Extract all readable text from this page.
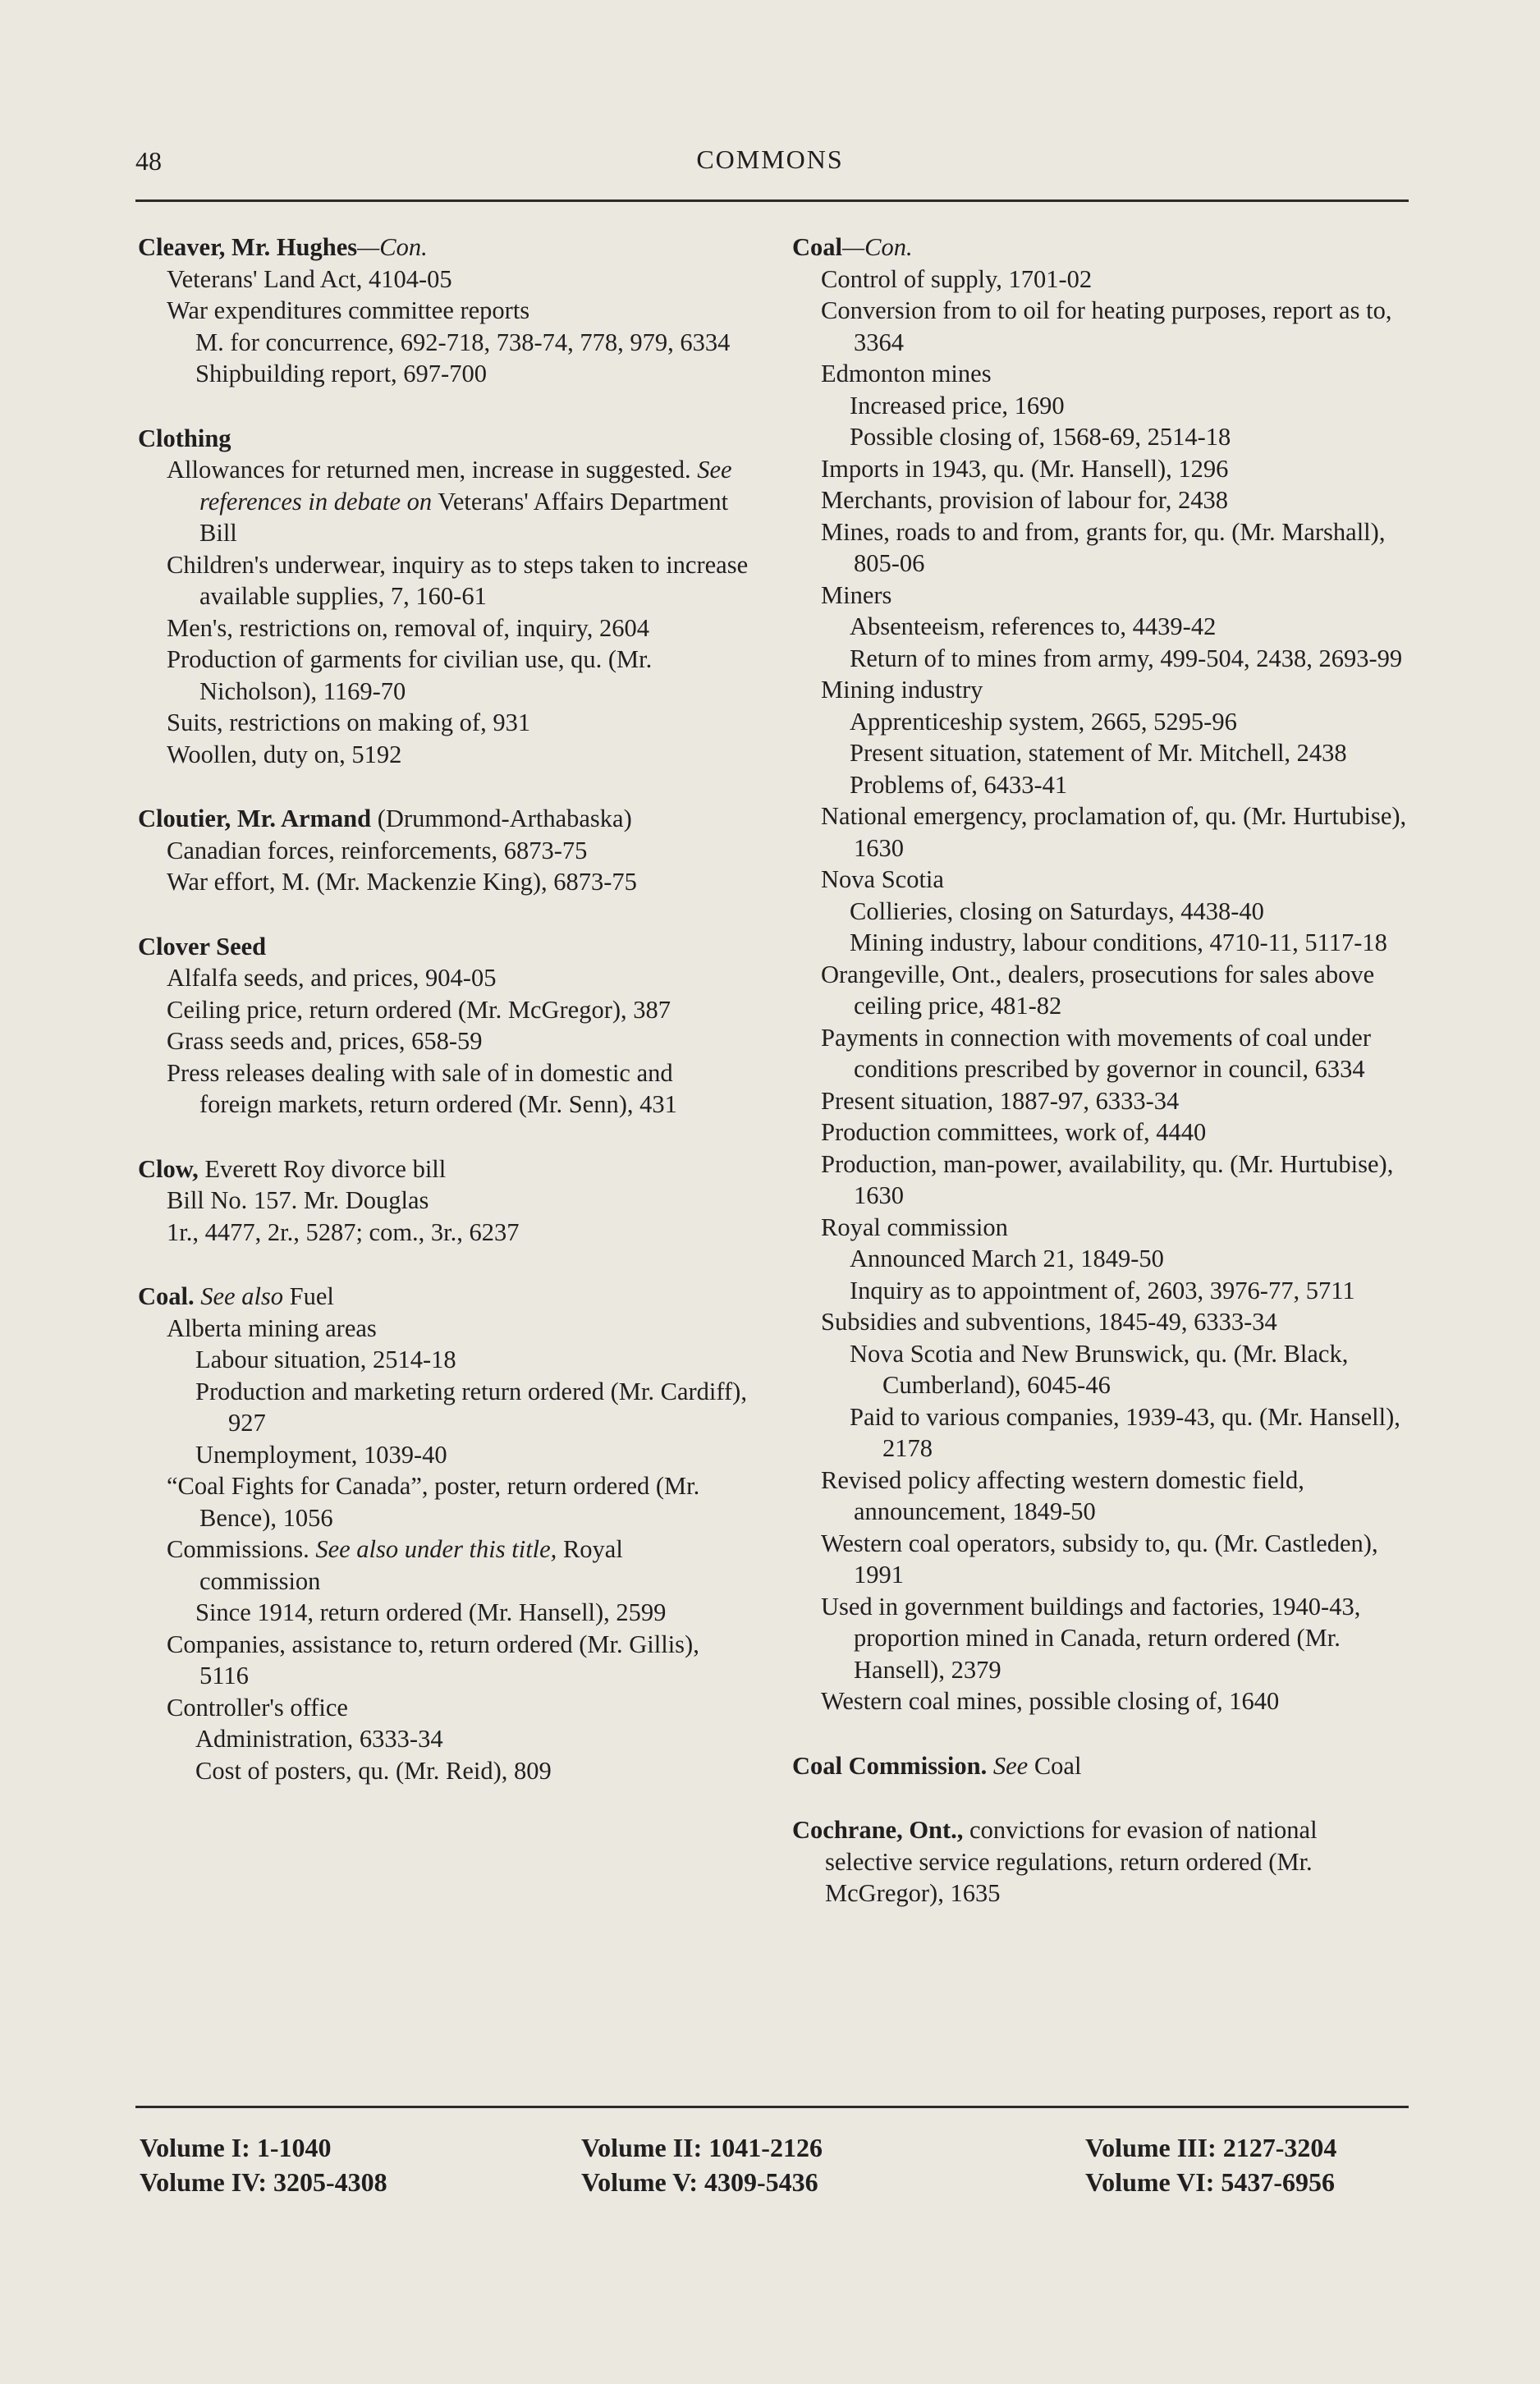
48	COMMONS
Cleaver, Mr. Hughes—Con.
Veterans' Land Act, 4104-05
War expenditures committee reports
M. for concurrence, 692-718, 738-74, 778, 979, 6334
Shipbuilding report, 697-700
Clothing
Allowances for returned men, increase in suggested. See references in debate on Veterans' Affairs Department Bill
Children's underwear, inquiry as to steps taken to increase available supplies, 7, 160-61
Men's, restrictions on, removal of, inquiry, 2604
Production of garments for civilian use, qu. (Mr. Nicholson), 1169-70
Suits, restrictions on making of, 931
Woollen, duty on, 5192
Cloutier, Mr. Armand (Drummond-Arthabaska)
Canadian forces, reinforcements, 6873-75
War effort, M. (Mr. Mackenzie King), 6873-75
Clover Seed
Alfalfa seeds, and prices, 904-05
Ceiling price, return ordered (Mr. McGregor), 387
Grass seeds and, prices, 658-59
Press releases dealing with sale of in domestic and foreign markets, return ordered (Mr. Senn), 431
Clow, Everett Roy divorce bill
Bill No. 157. Mr. Douglas
1r., 4477, 2r., 5287; com., 3r., 6237
Coal. See also Fuel
Alberta mining areas
Labour situation, 2514-18
Production and marketing return ordered (Mr. Cardiff), 927
Unemployment, 1039-40
“Coal Fights for Canada”, poster, return ordered (Mr. Bence), 1056
Commissions. See also under this title, Royal commission
Since 1914, return ordered (Mr. Hansell), 2599
Companies, assistance to, return ordered (Mr. Gillis), 5116
Controller's office
Administration, 6333-34
Cost of posters, qu. (Mr. Reid), 809
Coal—Con.
Control of supply, 1701-02
Conversion from to oil for heating purposes, report as to, 3364
Edmonton mines
Increased price, 1690
Possible closing of, 1568-69, 2514-18
Imports in 1943, qu. (Mr. Hansell), 1296
Merchants, provision of labour for, 2438
Mines, roads to and from, grants for, qu. (Mr. Marshall), 805-06
Miners
Absenteeism, references to, 4439-42
Return of to mines from army, 499-504, 2438, 2693-99
Mining industry
Apprenticeship system, 2665, 5295-96
Present situation, statement of Mr. Mitchell, 2438
Problems of, 6433-41
National emergency, proclamation of, qu. (Mr. Hurtubise), 1630
Nova Scotia
Collieries, closing on Saturdays, 4438-40
Mining industry, labour conditions, 4710-11, 5117-18
Orangeville, Ont., dealers, prosecutions for sales above ceiling price, 481-82
Payments in connection with movements of coal under conditions prescribed by governor in council, 6334
Present situation, 1887-97, 6333-34
Production committees, work of, 4440
Production, man-power, availability, qu. (Mr. Hurtubise), 1630
Royal commission
Announced March 21, 1849-50
Inquiry as to appointment of, 2603, 3976-77, 5711
Subsidies and subventions, 1845-49, 6333-34
Nova Scotia and New Brunswick, qu. (Mr. Black, Cumberland), 6045-46
Paid to various companies, 1939-43, qu. (Mr. Hansell), 2178
Revised policy affecting western domestic field, announcement, 1849-50
Western coal operators, subsidy to, qu. (Mr. Castleden), 1991
Used in government buildings and factories, 1940-43, proportion mined in Canada, return ordered (Mr. Hansell), 2379
Western coal mines, possible closing of, 1640
Coal Commission. See Coal
Cochrane, Ont., convictions for evasion of national selective service regulations, return ordered (Mr. McGregor), 1635
Volume I: 1-1040
Volume IV: 3205-4308
Volume II: 1041-2126
Volume V: 4309-5436
Volume III: 2127-3204
Volume VI: 5437-6956
